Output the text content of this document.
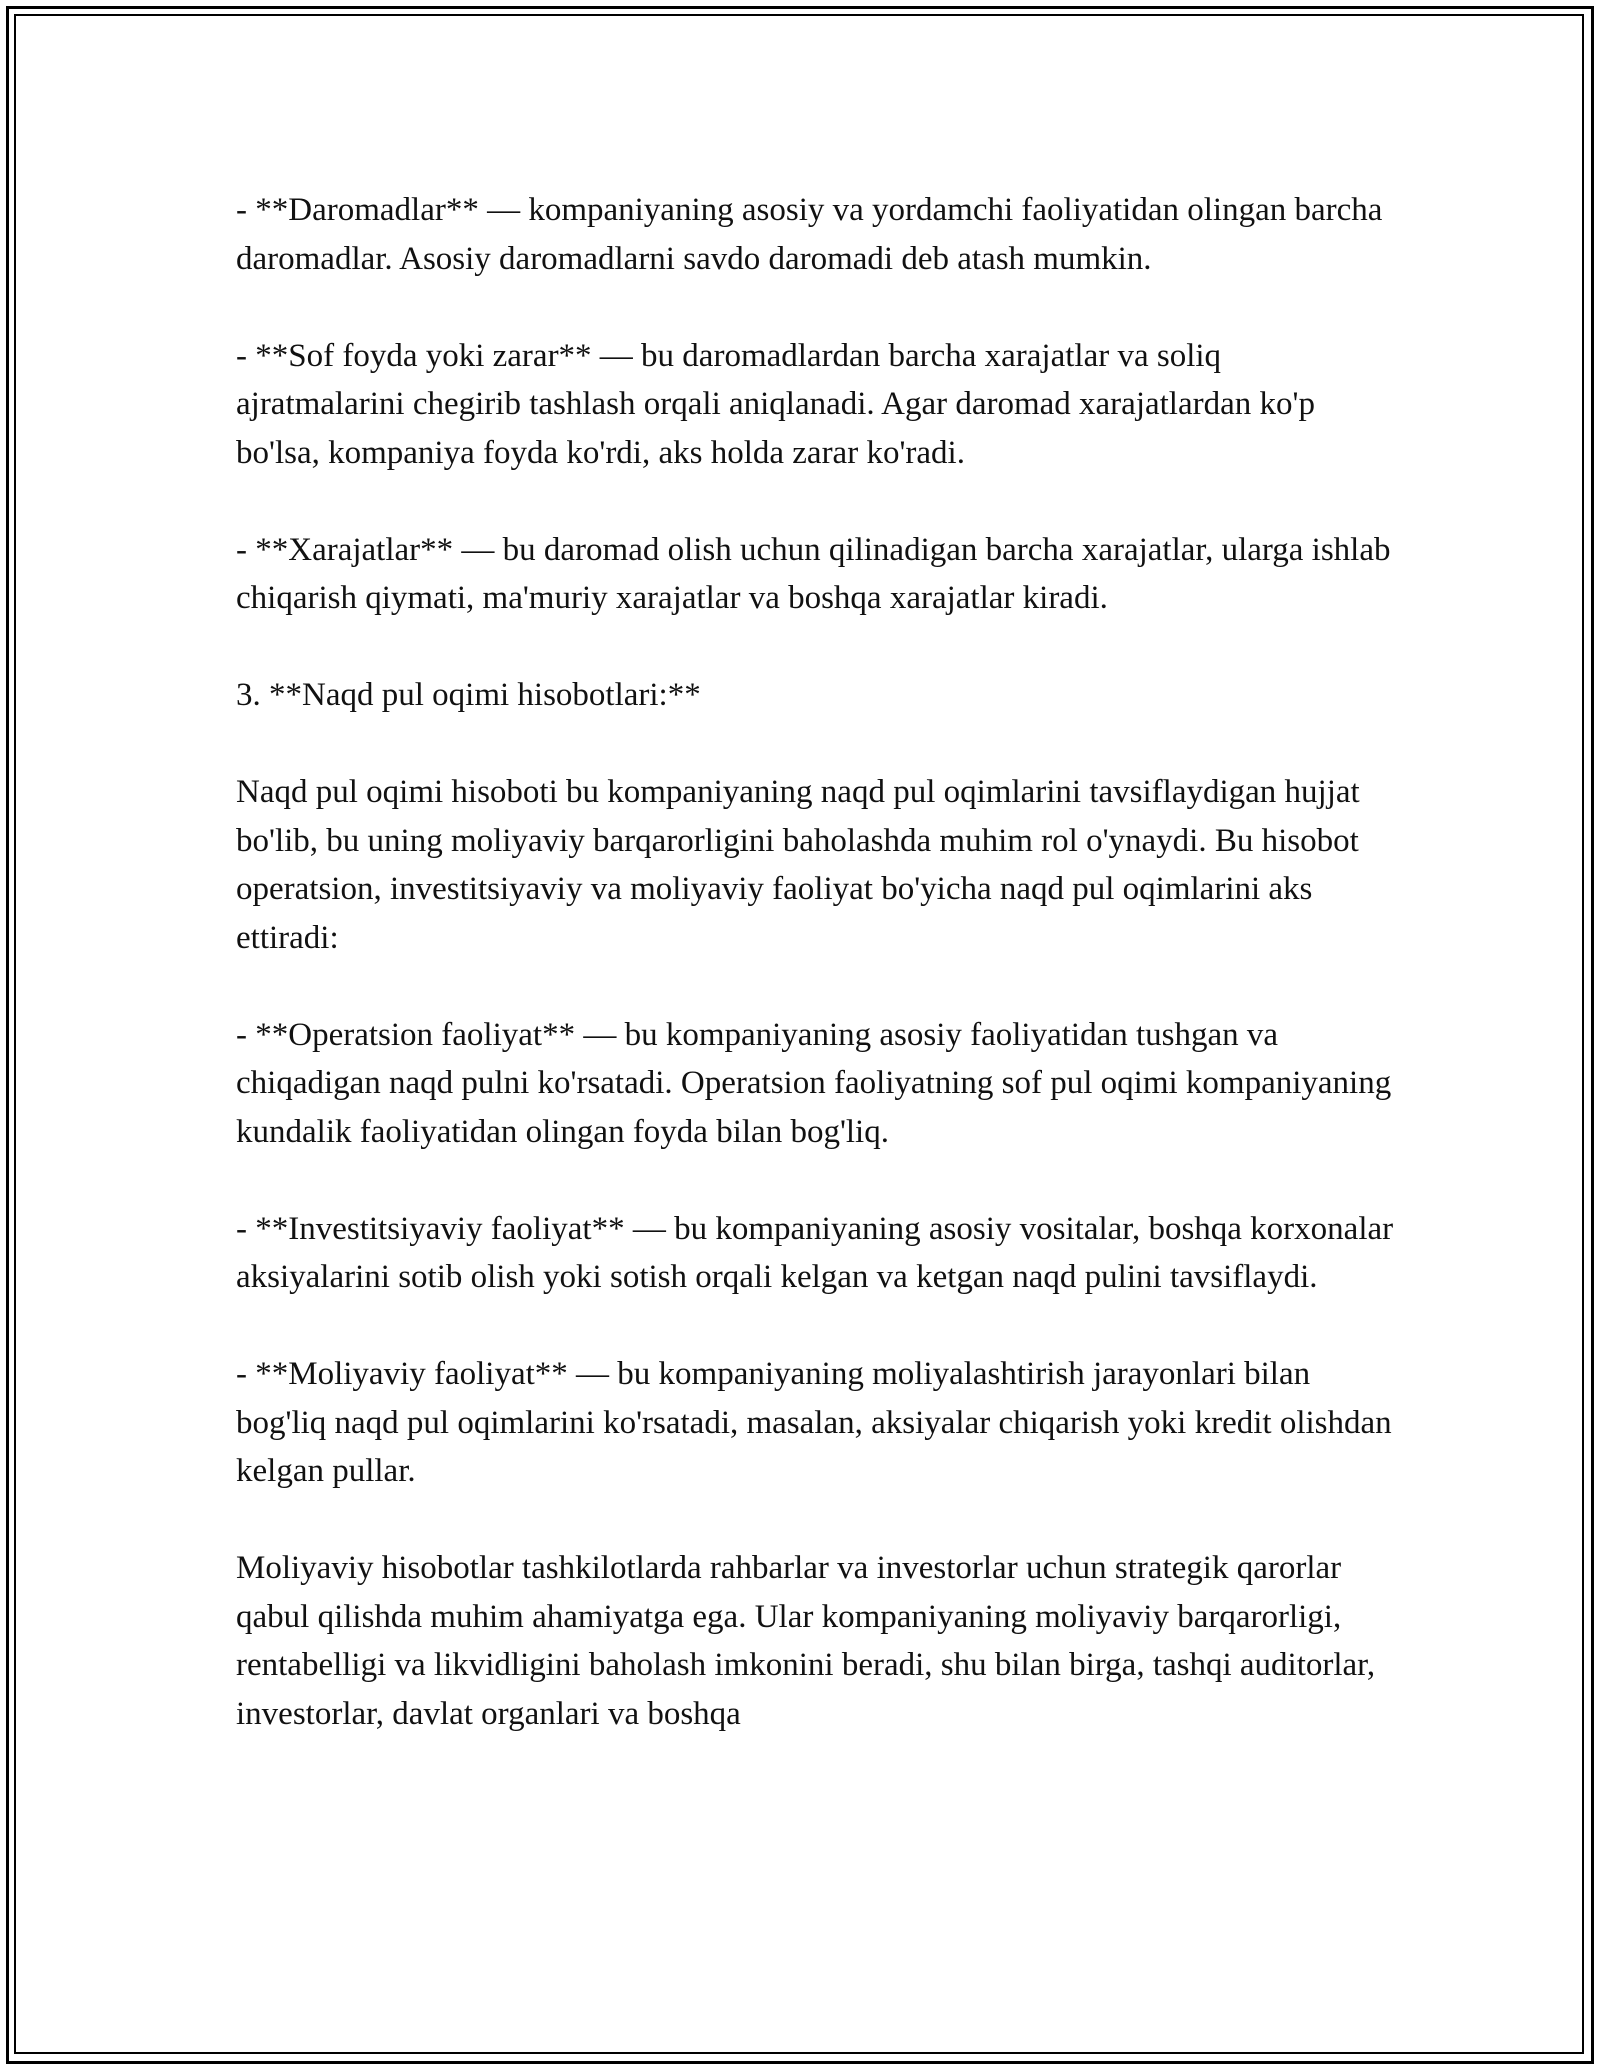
- **Daromadlar** — kompaniyaning asosiy va yordamchi faoliyatidan olingan barcha daromadlar. Asosiy daromadlarni savdo daromadi deb atash mumkin.

- **Sof foyda yoki zarar** — bu daromadlardan barcha xarajatlar va soliq ajratmalarini chegirib tashlash orqali aniqlanadi. Agar daromad xarajatlardan ko'p bo'lsa, kompaniya foyda ko'rdi, aks holda zarar ko'radi.

- **Xarajatlar** — bu daromad olish uchun qilinadigan barcha xarajatlar, ularga ishlab chiqarish qiymati, ma'muriy xarajatlar va boshqa xarajatlar kiradi.

3. **Naqd pul oqimi hisobotlari:**

Naqd pul oqimi hisoboti bu kompaniyaning naqd pul oqimlarini tavsiflaydigan hujjat bo'lib, bu uning moliyaviy barqarorligini baholashda muhim rol o'ynaydi. Bu hisobot operatsion, investitsiyaviy va moliyaviy faoliyat bo'yicha naqd pul oqimlarini aks ettiradi:

- **Operatsion faoliyat** — bu kompaniyaning asosiy faoliyatidan tushgan va chiqadigan naqd pulni ko'rsatadi. Operatsion faoliyatning sof pul oqimi kompaniyaning kundalik faoliyatidan olingan foyda bilan bog'liq.

- **Investitsiyaviy faoliyat** — bu kompaniyaning asosiy vositalar, boshqa korxonalar aksiyalarini sotib olish yoki sotish orqali kelgan va ketgan naqd pulini tavsiflaydi.

- **Moliyaviy faoliyat** — bu kompaniyaning moliyalashtirish jarayonlari bilan bog'liq naqd pul oqimlarini ko'rsatadi, masalan, aksiyalar chiqarish yoki kredit olishdan kelgan pullar.

Moliyaviy hisobotlar tashkilotlarda rahbarlar va investorlar uchun strategik qarorlar qabul qilishda muhim ahamiyatga ega. Ular kompaniyaning moliyaviy barqarorligi, rentabelligi va likvidligini baholash imkonini beradi, shu bilan birga, tashqi auditorlar, investorlar, davlat organlari va boshqa
